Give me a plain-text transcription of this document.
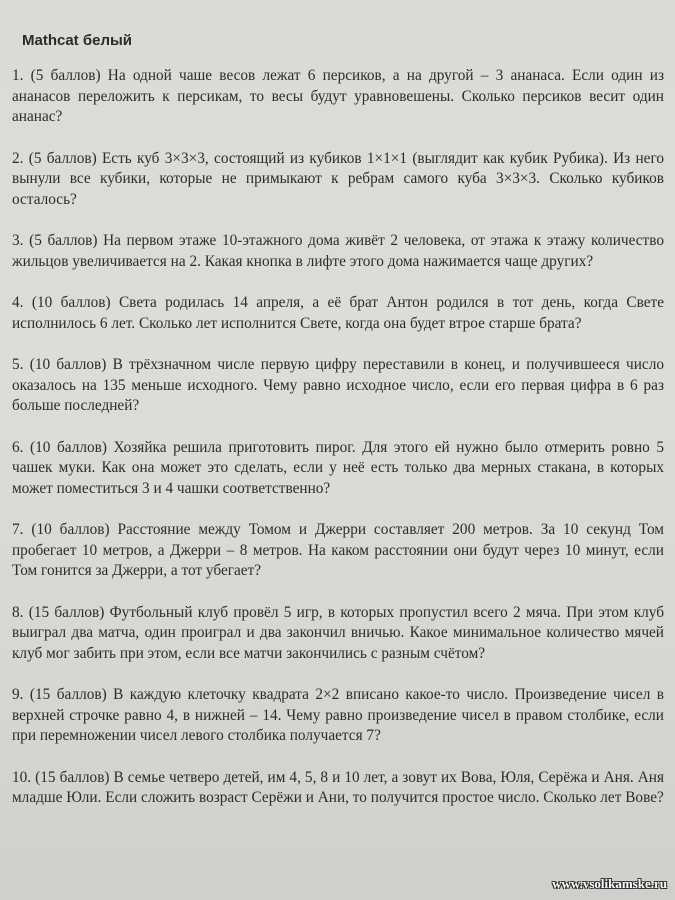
Mathcat белый

1. (5 баллов) На одной чаше весов лежат 6 персиков, а на другой – 3 ананаса. Если один из ананасов переложить к персикам, то весы будут уравновешены. Сколько персиков весит один ананас?

2. (5 баллов) Есть куб 3×3×3, состоящий из кубиков 1×1×1 (выглядит как кубик Рубика). Из него вынули все кубики, которые не примыкают к ребрам самого куба 3×3×3. Сколько кубиков осталось?

3. (5 баллов) На первом этаже 10-этажного дома живёт 2 человека, от этажа к этажу количество жильцов увеличивается на 2. Какая кнопка в лифте этого дома нажимается чаще других?

4. (10 баллов) Света родилась 14 апреля, а её брат Антон родился в тот день, когда Свете исполнилось 6 лет. Сколько лет исполнится Свете, когда она будет втрое старше брата?

5. (10 баллов) В трёхзначном числе первую цифру переставили в конец, и получившееся число оказалось на 135 меньше исходного. Чему равно исходное число, если его первая цифра в 6 раз больше последней?

6. (10 баллов) Хозяйка решила приготовить пирог. Для этого ей нужно было отмерить ровно 5 чашек муки. Как она может это сделать, если у неё есть только два мерных стакана, в которых может поместиться 3 и 4 чашки соответственно?

7. (10 баллов) Расстояние между Томом и Джерри составляет 200 метров. За 10 секунд Том пробегает 10 метров, а Джерри – 8 метров. На каком расстоянии они будут через 10 минут, если Том гонится за Джерри, а тот убегает?

8. (15 баллов) Футбольный клуб провёл 5 игр, в которых пропустил всего 2 мяча. При этом клуб выиграл два матча, один проиграл и два закончил вничью. Какое минимальное количество мячей клуб мог забить при этом, если все матчи закончились с разным счётом?

9. (15 баллов) В каждую клеточку квадрата 2×2 вписано какое-то число. Произведение чисел в верхней строчке равно 4, в нижней – 14. Чему равно произведение чисел в правом столбике, если при перемножении чисел левого столбика получается 7?

10. (15 баллов) В семье четверо детей, им 4, 5, 8 и 10 лет, а зовут их Вова, Юля, Серёжа и Аня. Аня младше Юли. Если сложить возраст Серёжи и Ани, то получится простое число. Сколько лет Вове?

www.vsolikamske.ru
